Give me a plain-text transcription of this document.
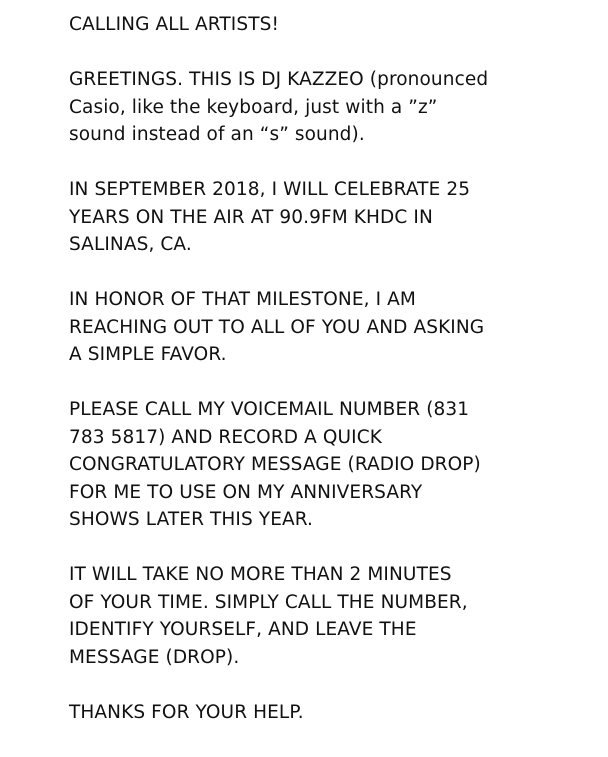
CALLING ALL ARTISTS!

GREETINGS. THIS IS DJ KAZZEO (pronounced
Casio, like the keyboard, just with a ”z”
sound instead of an “s” sound).

IN SEPTEMBER 2018, I WILL CELEBRATE 25
YEARS ON THE AIR AT 90.9FM KHDC IN
SALINAS, CA.

IN HONOR OF THAT MILESTONE, I AM
REACHING OUT TO ALL OF YOU AND ASKING
A SIMPLE FAVOR.

PLEASE CALL MY VOICEMAIL NUMBER (831
783 5817) AND RECORD A QUICK
CONGRATULATORY MESSAGE (RADIO DROP)
FOR ME TO USE ON MY ANNIVERSARY
SHOWS LATER THIS YEAR.

IT WILL TAKE NO MORE THAN 2 MINUTES
OF YOUR TIME. SIMPLY CALL THE NUMBER,
IDENTIFY YOURSELF, AND LEAVE THE
MESSAGE (DROP).

THANKS FOR YOUR HELP.
